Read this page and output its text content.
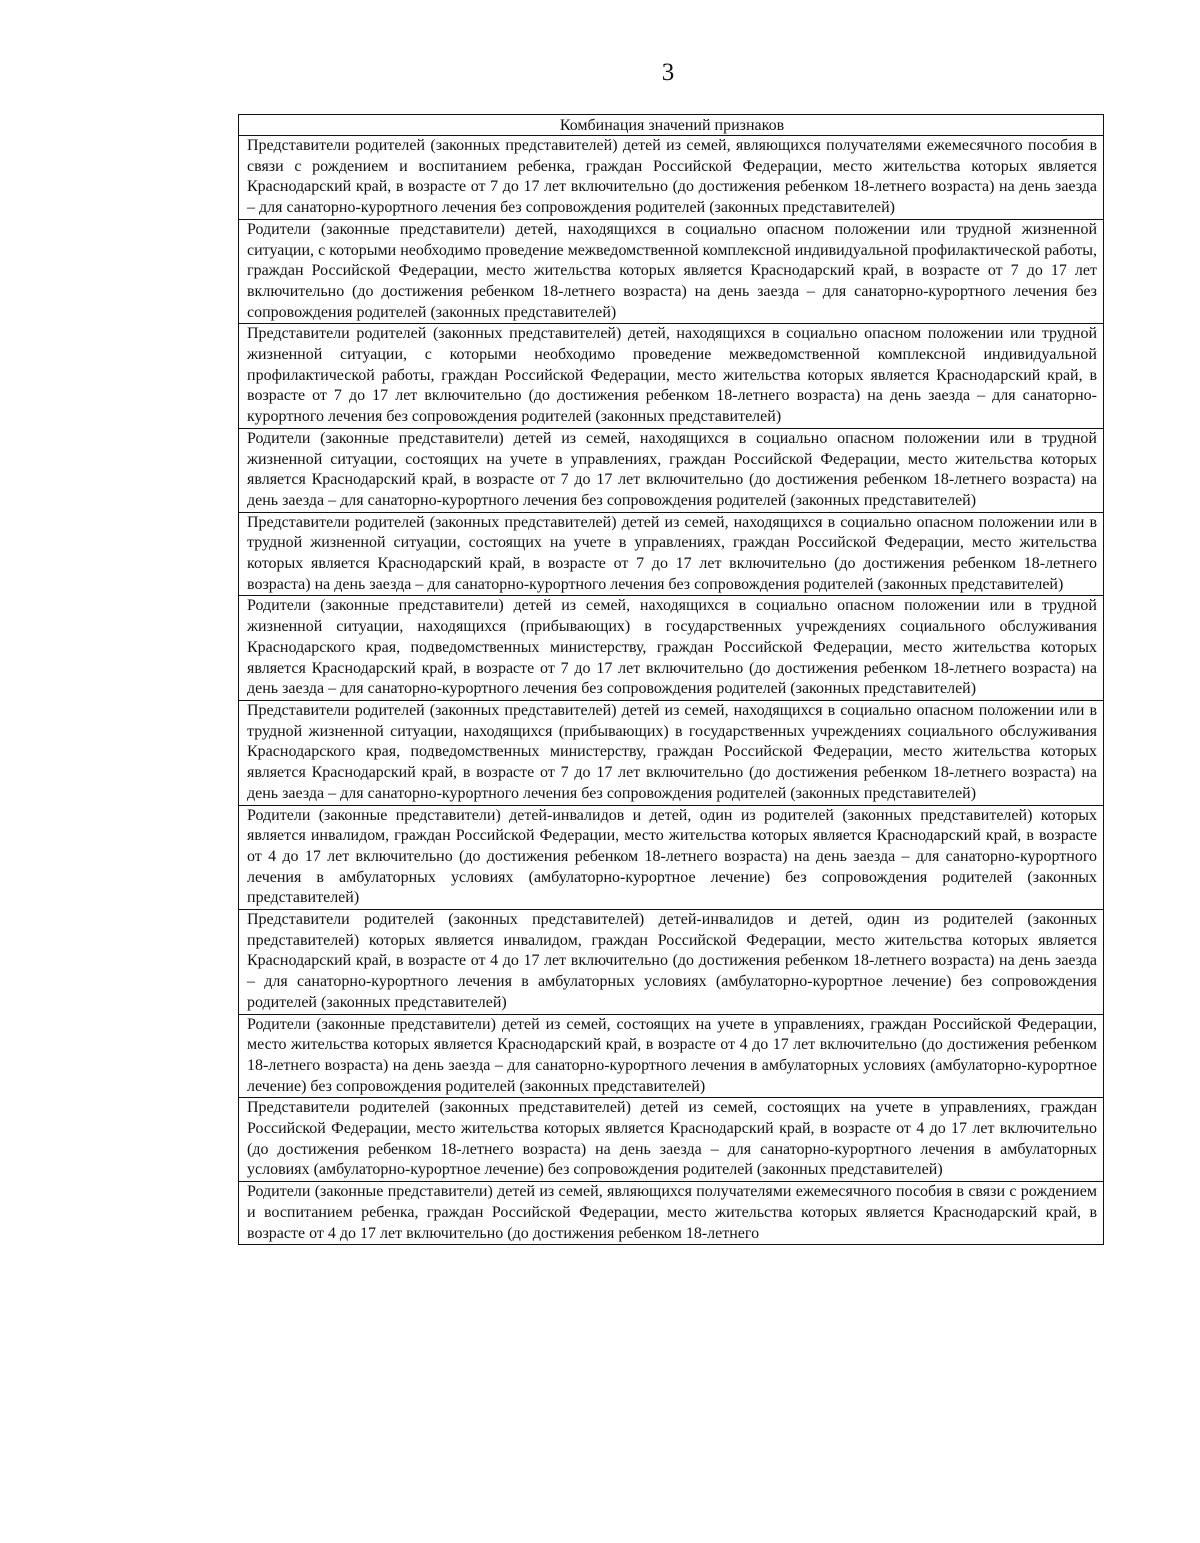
3
Комбинация значений признаков
Представители родителей (законных представителей) детей из семей, являющихся получателями ежемесячного пособия в связи с рождением и воспитанием ребенка, граждан Российской Федерации, место жительства которых является Краснодарский край, в возрасте от 7 до 17 лет включительно (до достижения ребенком 18-летнего возраста) на день заезда – для санаторно-курортного лечения без сопровождения родителей (законных представителей)
Родители (законные представители) детей, находящихся в социально опасном положении или трудной жизненной ситуации, с которыми необходимо проведение межведомственной комплексной индивидуальной профилактической работы, граждан Российской Федерации, место жительства которых является Краснодарский край, в возрасте от 7 до 17 лет включительно (до достижения ребенком 18-летнего возраста) на день заезда – для санаторно-курортного лечения без сопровождения родителей (законных представителей)
Представители родителей (законных представителей) детей, находящихся в социально опасном положении или трудной жизненной ситуации, с которыми необходимо проведение межведомственной комплексной индивидуальной профилактической работы, граждан Российской Федерации, место жительства которых является Краснодарский край, в возрасте от 7 до 17 лет включительно (до достижения ребенком 18-летнего возраста) на день заезда – для санаторно-курортного лечения без сопровождения родителей (законных представителей)
Родители (законные представители) детей из семей, находящихся в социально опасном положении или в трудной жизненной ситуации, состоящих на учете в управлениях, граждан Российской Федерации, место жительства которых является Краснодарский край, в возрасте от 7 до 17 лет включительно (до достижения ребенком 18-летнего возраста) на день заезда – для санаторно-курортного лечения без сопровождения родителей (законных представителей)
Представители родителей (законных представителей) детей из семей, находящихся в социально опасном положении или в трудной жизненной ситуации, состоящих на учете в управлениях, граждан Российской Федерации, место жительства которых является Краснодарский край, в возрасте от 7 до 17 лет включительно (до достижения ребенком 18-летнего возраста) на день заезда – для санаторно-курортного лечения без сопровождения родителей (законных представителей)
Родители (законные представители) детей из семей, находящихся в социально опасном положении или в трудной жизненной ситуации, находящихся (прибывающих) в государственных учреждениях социального обслуживания Краснодарского края, подведомственных министерству, граждан Российской Федерации, место жительства которых является Краснодарский край, в возрасте от 7 до 17 лет включительно (до достижения ребенком 18-летнего возраста) на день заезда – для санаторно-курортного лечения без сопровождения родителей (законных представителей)
Представители родителей (законных представителей) детей из семей, находящихся в социально опасном положении или в трудной жизненной ситуации, находящихся (прибывающих) в государственных учреждениях социального обслуживания Краснодарского края, подведомственных министерству, граждан Российской Федерации, место жительства которых является Краснодарский край, в возрасте от 7 до 17 лет включительно (до достижения ребенком 18-летнего возраста) на день заезда – для санаторно-курортного лечения без сопровождения родителей (законных представителей)
Родители (законные представители) детей-инвалидов и детей, один из родителей (законных представителей) которых является инвалидом, граждан Российской Федерации, место жительства которых является Краснодарский край, в возрасте от 4 до 17 лет включительно (до достижения ребенком 18-летнего возраста) на день заезда – для санаторно-курортного лечения в амбулаторных условиях (амбулаторно-курортное лечение) без сопровождения родителей (законных представителей)
Представители родителей (законных представителей) детей-инвалидов и детей, один из родителей (законных представителей) которых является инвалидом, граждан Российской Федерации, место жительства которых является Краснодарский край, в возрасте от 4 до 17 лет включительно (до достижения ребенком 18-летнего возраста) на день заезда – для санаторно-курортного лечения в амбулаторных условиях (амбулаторно-курортное лечение) без сопровождения родителей (законных представителей)
Родители (законные представители) детей из семей, состоящих на учете в управлениях, граждан Российской Федерации, место жительства которых является Краснодарский край, в возрасте от 4 до 17 лет включительно (до достижения ребенком 18-летнего возраста) на день заезда – для санаторно-курортного лечения в амбулаторных условиях (амбулаторно-курортное лечение) без сопровождения родителей (законных представителей)
Представители родителей (законных представителей) детей из семей, состоящих на учете в управлениях, граждан Российской Федерации, место жительства которых является Краснодарский край, в возрасте от 4 до 17 лет включительно (до достижения ребенком 18-летнего возраста) на день заезда – для санаторно-курортного лечения в амбулаторных условиях (амбулаторно-курортное лечение) без сопровождения родителей (законных представителей)
Родители (законные представители) детей из семей, являющихся получателями ежемесячного пособия в связи с рождением и воспитанием ребенка, граждан Российской Федерации, место жительства которых является Краснодарский край, в возрасте от 4 до 17 лет включительно (до достижения ребенком 18-летнего
